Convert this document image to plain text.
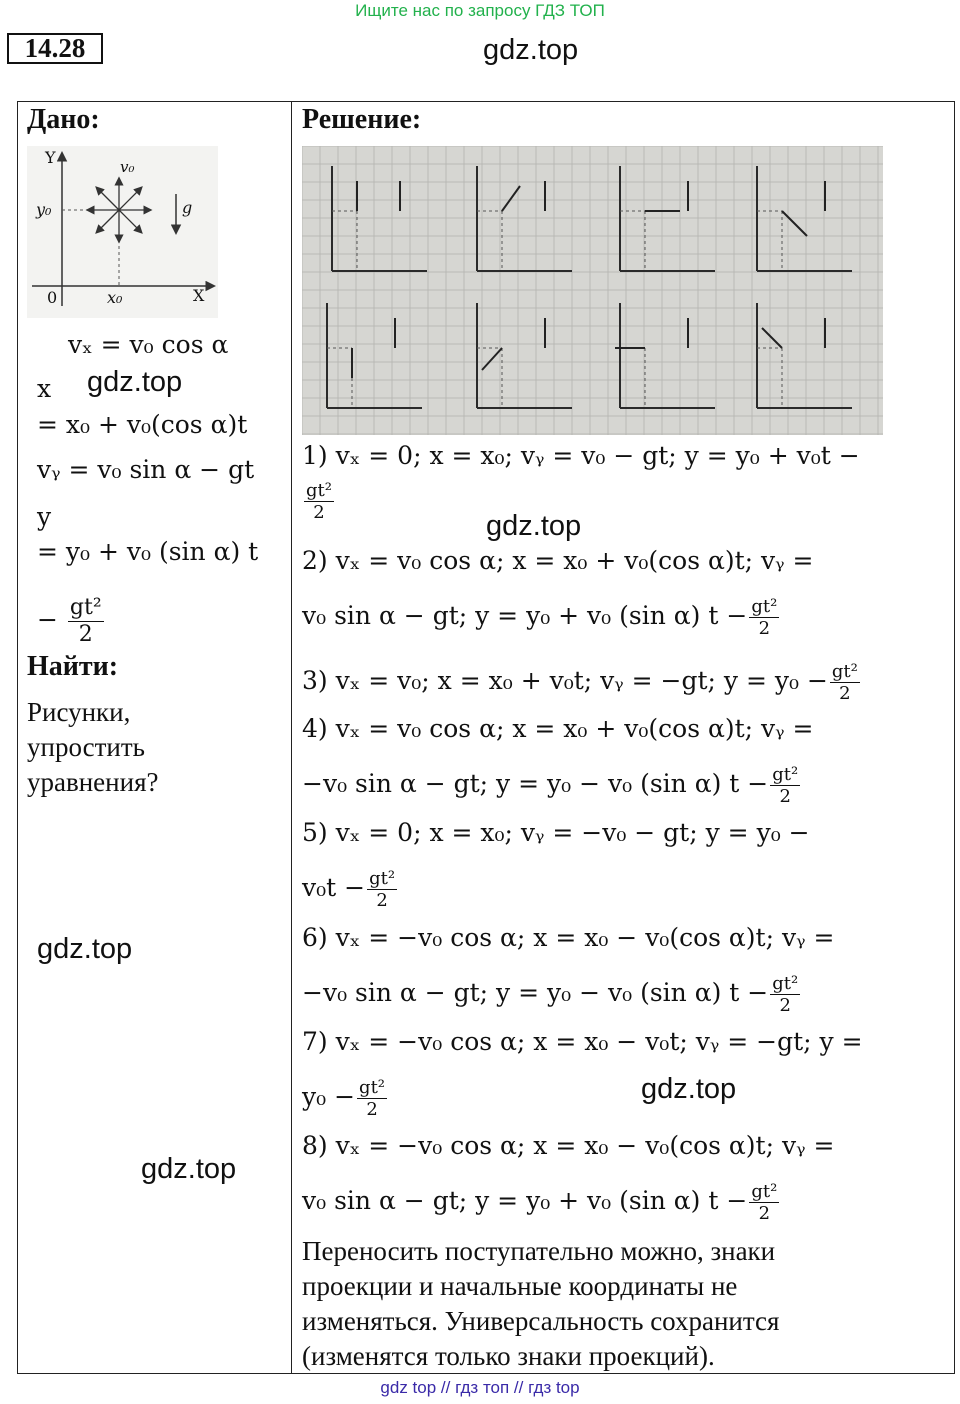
Ищите нас по запросу ГДЗ ТОП
14.28	gdz.top
Дано:
Y
X
0
y₀
x₀
v₀
g
vₓ = v₀ cos α
x gdz.top
= x₀ + v₀(cos α)t
vᵧ = v₀ sin α − gt
y
= y₀ + v₀ (sin α) t
− $\frac{\text{gt²}}{2}$
Найти:
Рисунки,
упростить
уравнения?
gdz.top
gdz.top
Решение:
1) vₓ = 0; x = x₀; vᵧ = v₀ − gt; y = y₀ + v₀t −
$\frac{\text{gt²}}{2}$
2) vₓ = v₀ cos α; x = x₀ + v₀(cos α)t; vᵧ =
v₀ sin α − gt; y = y₀ + v₀ (sin α) $t - \frac{\text{gt²}}{2}$
3) vₓ = v₀; x = x₀ + v₀t; vᵧ = −gt; $y = y_0 - \frac{\text{gt²}}{2}$
4) vₓ = v₀ cos α; x = x₀ + v₀(cos α)t; vᵧ =
−v₀ sin α − gt; y = y₀ − v₀ (sin α) $t - \frac{\text{gt²}}{2}$
5) vₓ = 0; x = x₀; vᵧ = −v₀ − gt; y = y₀ −
$v_0t - \frac{\text{gt²}}{2}$
6) vₓ = −v₀ cos α; x = x₀ − v₀(cos α)t; vᵧ =
−v₀ sin α − gt; y = y₀ − v₀ (sin α) $t - \frac{\text{gt²}}{2}$
7) vₓ = −v₀ cos α; x = x₀ − v₀t; vᵧ = −gt; y =
$y_0 - \frac{\text{gt²}}{2}$
8) vₓ = −v₀ cos α; x = x₀ − v₀(cos α)t; vᵧ =
v₀ sin α − gt; y = y₀ + v₀ (sin α) $t - \frac{\text{gt²}}{2}$
gdz.top
gdz.top
Переносить поступательно можно, знаки
проекции и начальные координаты не
изменяться. Универсальность сохранится
(изменятся только знаки проекций).
gdz top // гдз топ // гдз top
